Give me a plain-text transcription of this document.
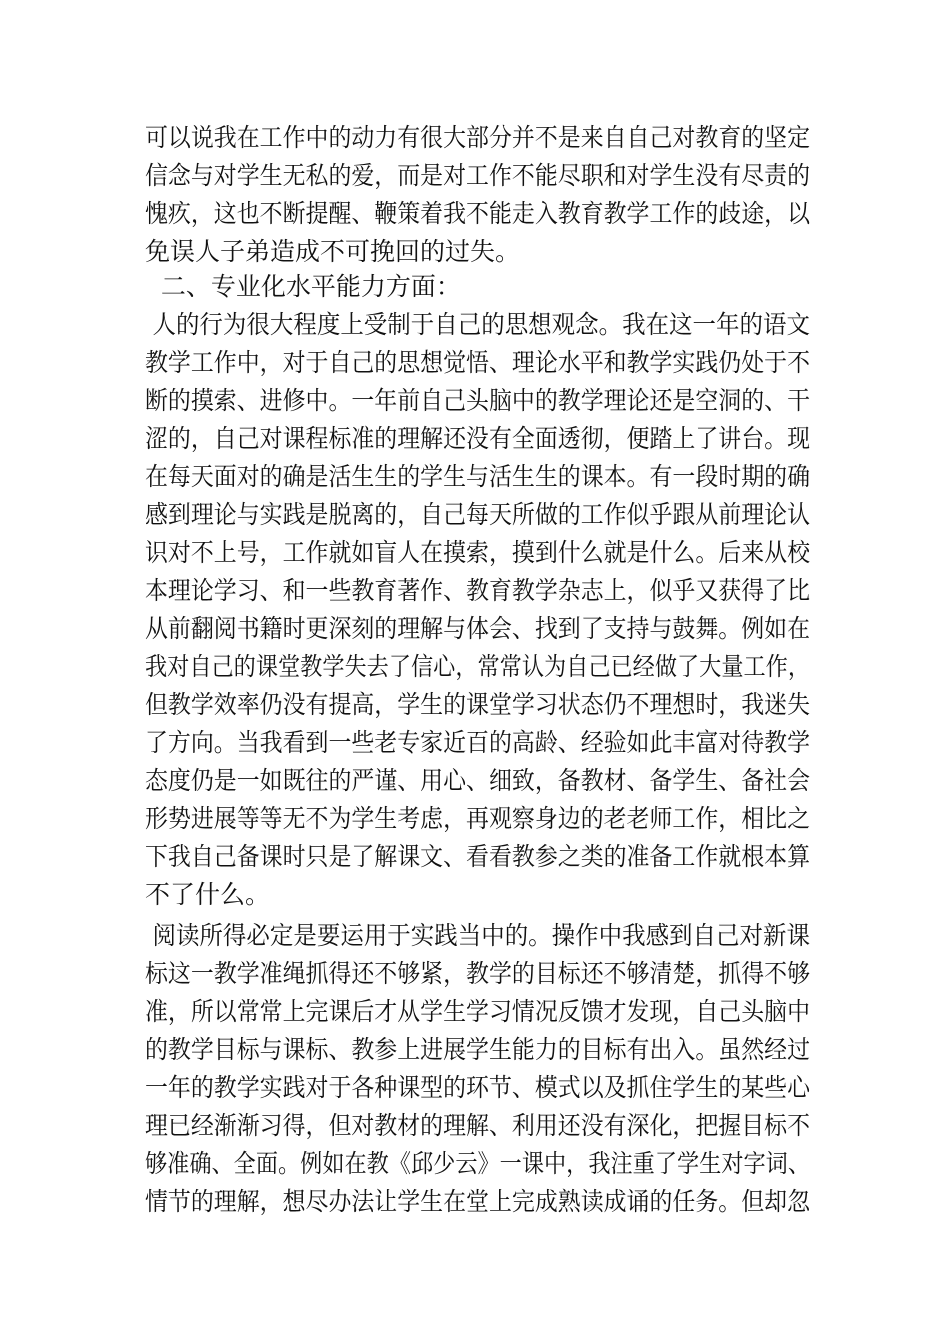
可以说我在工作中的动力有很大部分并不是来自自己对教育的坚定
信念与对学生无私的爱，而是对工作不能尽职和对学生没有尽责的
愧疚，这也不断提醒、鞭策着我不能走入教育教学工作的歧途，以
免误人子弟造成不可挽回的过失。
二、专业化水平能力方面：
人的行为很大程度上受制于自己的思想观念。我在这一年的语文
教学工作中，对于自己的思想觉悟、理论水平和教学实践仍处于不
断的摸索、进修中。一年前自己头脑中的教学理论还是空洞的、干
涩的，自己对课程标准的理解还没有全面透彻，便踏上了讲台。现
在每天面对的确是活生生的学生与活生生的课本。有一段时期的确
感到理论与实践是脱离的，自己每天所做的工作似乎跟从前理论认
识对不上号，工作就如盲人在摸索，摸到什么就是什么。后来从校
本理论学习、和一些教育著作、教育教学杂志上，似乎又获得了比
从前翻阅书籍时更深刻的理解与体会、找到了支持与鼓舞。例如在
我对自己的课堂教学失去了信心，常常认为自己已经做了大量工作，
但教学效率仍没有提高，学生的课堂学习状态仍不理想时，我迷失
了方向。当我看到一些老专家近百的高龄、经验如此丰富对待教学
态度仍是一如既往的严谨、用心、细致，备教材、备学生、备社会
形势进展等等无不为学生考虑，再观察身边的老老师工作，相比之
下我自己备课时只是了解课文、看看教参之类的准备工作就根本算
不了什么。
阅读所得必定是要运用于实践当中的。操作中我感到自己对新课
标这一教学准绳抓得还不够紧，教学的目标还不够清楚，抓得不够
准，所以常常上完课后才从学生学习情况反馈才发现，自己头脑中
的教学目标与课标、教参上进展学生能力的目标有出入。虽然经过
一年的教学实践对于各种课型的环节、模式以及抓住学生的某些心
理已经渐渐习得，但对教材的理解、利用还没有深化，把握目标不
够准确、全面。例如在教《邱少云》一课中，我注重了学生对字词、
情节的理解，想尽办法让学生在堂上完成熟读成诵的任务。但却忽
